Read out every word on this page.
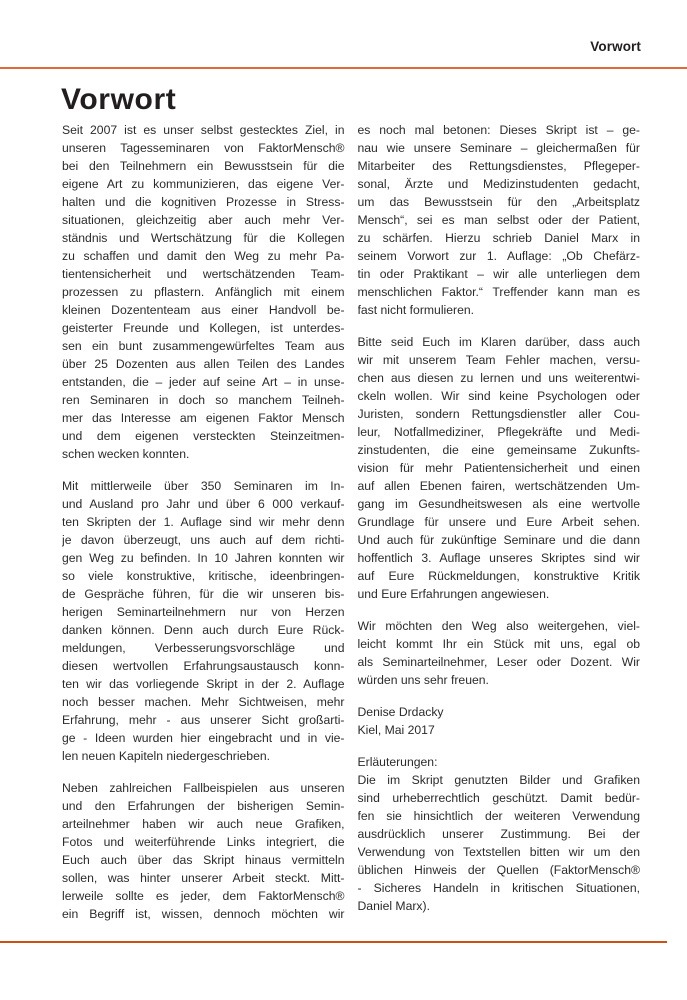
Vorwort
Vorwort
Seit 2007 ist es unser selbst gestecktes Ziel, in
unseren Tagesseminaren von FaktorMensch®
bei den Teilnehmern ein Bewusstsein für die
eigene Art zu kommunizieren, das eigene Ver-
halten und die kognitiven Prozesse in Stress-
situationen, gleichzeitig aber auch mehr Ver-
ständnis und Wertschätzung für die Kollegen
zu schaffen und damit den Weg zu mehr Pa-
tientensicherheit und wertschätzenden Team-
prozessen zu pflastern. Anfänglich mit einem
kleinen Dozententeam aus einer Handvoll be-
geisterter Freunde und Kollegen, ist unterdes-
sen ein bunt zusammengewürfeltes Team aus
über 25 Dozenten aus allen Teilen des Landes
entstanden, die – jeder auf seine Art – in unse-
ren Seminaren in doch so manchem Teilneh-
mer das Interesse am eigenen Faktor Mensch
und dem eigenen versteckten Steinzeitmen-
schen wecken konnten.
Mit mittlerweile über 350 Seminaren im In-
und Ausland pro Jahr und über 6 000 verkauf-
ten Skripten der 1. Auflage sind wir mehr denn
je davon überzeugt, uns auch auf dem richti-
gen Weg zu befinden. In 10 Jahren konnten wir
so viele konstruktive, kritische, ideenbringen-
de Gespräche führen, für die wir unseren bis-
herigen Seminarteilnehmern nur von Herzen
danken können. Denn auch durch Eure Rück-
meldungen, Verbesserungsvorschläge und
diesen wertvollen Erfahrungsaustausch konn-
ten wir das vorliegende Skript in der 2. Auflage
noch besser machen. Mehr Sichtweisen, mehr
Erfahrung, mehr - aus unserer Sicht großarti-
ge - Ideen wurden hier eingebracht und in vie-
len neuen Kapiteln niedergeschrieben.
Neben zahlreichen Fallbeispielen aus unseren
und den Erfahrungen der bisherigen Semin-
arteilnehmer haben wir auch neue Grafiken,
Fotos und weiterführende Links integriert, die
Euch auch über das Skript hinaus vermitteln
sollen, was hinter unserer Arbeit steckt. Mitt-
lerweile sollte es jeder, dem FaktorMensch®
ein Begriff ist, wissen, dennoch möchten wir
es noch mal betonen: Dieses Skript ist – ge-
nau wie unsere Seminare – gleichermaßen für
Mitarbeiter des Rettungsdienstes, Pflegeper-
sonal, Ärzte und Medizinstudenten gedacht,
um das Bewusstsein für den „Arbeitsplatz
Mensch“, sei es man selbst oder der Patient,
zu schärfen. Hierzu schrieb Daniel Marx in
seinem Vorwort zur 1. Auflage: „Ob Chefärz-
tin oder Praktikant – wir alle unterliegen dem
menschlichen Faktor.“ Treffender kann man es
fast nicht formulieren.
Bitte seid Euch im Klaren darüber, dass auch
wir mit unserem Team Fehler machen, versu-
chen aus diesen zu lernen und uns weiterentwi-
ckeln wollen. Wir sind keine Psychologen oder
Juristen, sondern Rettungsdienstler aller Cou-
leur, Notfallmediziner, Pflegekräfte und Medi-
zinstudenten, die eine gemeinsame Zukunfts-
vision für mehr Patientensicherheit und einen
auf allen Ebenen fairen, wertschätzenden Um-
gang im Gesundheitswesen als eine wertvolle
Grundlage für unsere und Eure Arbeit sehen.
Und auch für zukünftige Seminare und die dann
hoffentlich 3. Auflage unseres Skriptes sind wir
auf Eure Rückmeldungen, konstruktive Kritik
und Eure Erfahrungen angewiesen.
Wir möchten den Weg also weitergehen, viel-
leicht kommt Ihr ein Stück mit uns, egal ob
als Seminarteilnehmer, Leser oder Dozent. Wir
würden uns sehr freuen.
Denise Drdacky
Kiel, Mai 2017
Erläuterungen:
Die im Skript genutzten Bilder und Grafiken
sind urheberrechtlich geschützt. Damit bedür-
fen sie hinsichtlich der weiteren Verwendung
ausdrücklich unserer Zustimmung. Bei der
Verwendung von Textstellen bitten wir um den
üblichen Hinweis der Quellen (FaktorMensch®
- Sicheres Handeln in kritischen Situationen,
Daniel Marx).
